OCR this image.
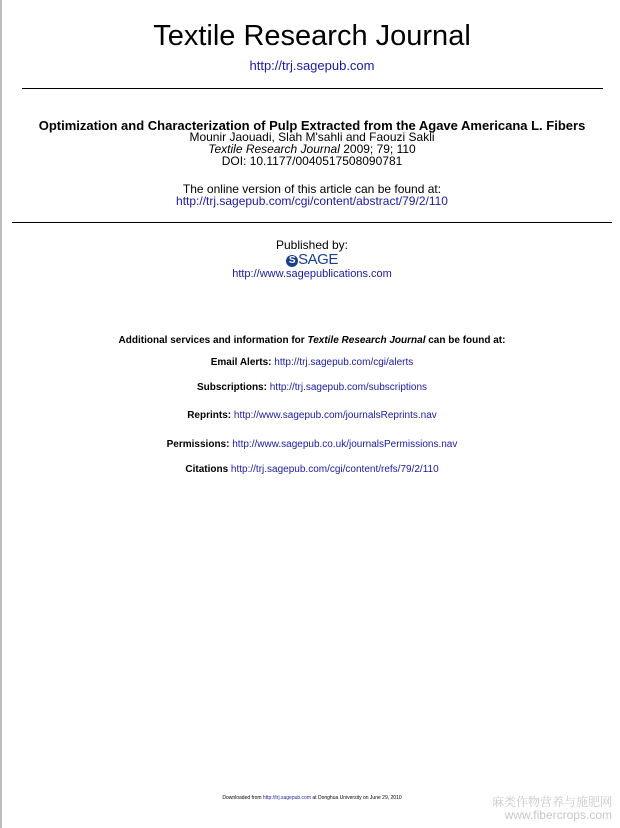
Textile Research Journal
http://trj.sagepub.com
Optimization and Characterization of Pulp Extracted from the Agave Americana L. Fibers
Mounir Jaouadi, Slah M'sahli and Faouzi Sakli
Textile Research Journal 2009; 79; 110
DOI: 10.1177/0040517508090781
The online version of this article can be found at:
http://trj.sagepub.com/cgi/content/abstract/79/2/110
Published by:
S SAGE
http://www.sagepublications.com
Additional services and information for Textile Research Journal can be found at:
Email Alerts: http://trj.sagepub.com/cgi/alerts
Subscriptions: http://trj.sagepub.com/subscriptions
Reprints: http://www.sagepub.com/journalsReprints.nav
Permissions: http://www.sagepub.co.uk/journalsPermissions.nav
Citations http://trj.sagepub.com/cgi/content/refs/79/2/110
Downloaded from http://trj.sagepub.com at Donghua University on June 29, 2010	麻类作物营养与施肥网
www.fibercrops.com
